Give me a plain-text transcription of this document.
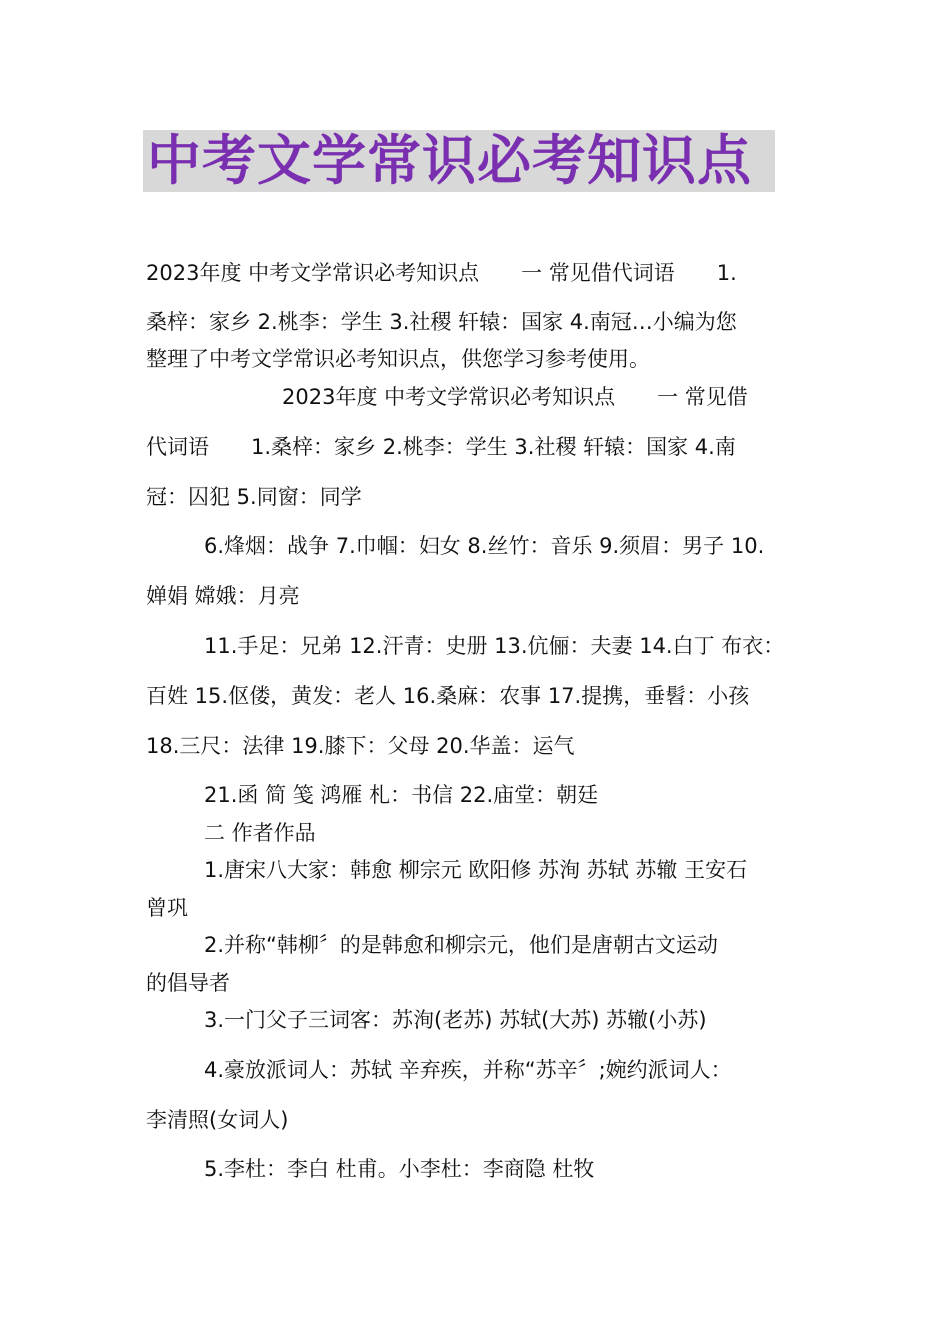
中考文学常识必考知识点
2023年度 中考文学常识必考知识点　　一 常见借代词语　　1.
桑梓：家乡 2.桃李：学生 3.社稷 轩辕：国家 4.南冠…小编为您
整理了中考文学常识必考知识点，供您学习参考使用。
2023年度 中考文学常识必考知识点　　一 常见借
代词语　　1.桑梓：家乡 2.桃李：学生 3.社稷 轩辕：国家 4.南
冠：囚犯 5.同窗：同学
6.烽烟：战争 7.巾帼：妇女 8.丝竹：音乐 9.须眉：男子 10.
婵娟 嫦娥：月亮
11.手足：兄弟 12.汗青：史册 13.伉俪：夫妻 14.白丁 布衣：
百姓 15.伛偻，黄发：老人 16.桑麻：农事 17.提携，垂髫：小孩
18.三尺：法律 19.膝下：父母 20.华盖：运气
21.函 简 笺 鸿雁 札：书信 22.庙堂：朝廷
二 作者作品
1.唐宋八大家：韩愈 柳宗元 欧阳修 苏洵 苏轼 苏辙 王安石
曾巩
2.并称“韩柳〞的是韩愈和柳宗元，他们是唐朝古文运动
的倡导者
3.一门父子三词客：苏洵(老苏) 苏轼(大苏) 苏辙(小苏)
4.豪放派词人：苏轼 辛弃疾，并称“苏辛〞;婉约派词人：
李清照(女词人)
5.李杜：李白 杜甫。小李杜：李商隐 杜牧
